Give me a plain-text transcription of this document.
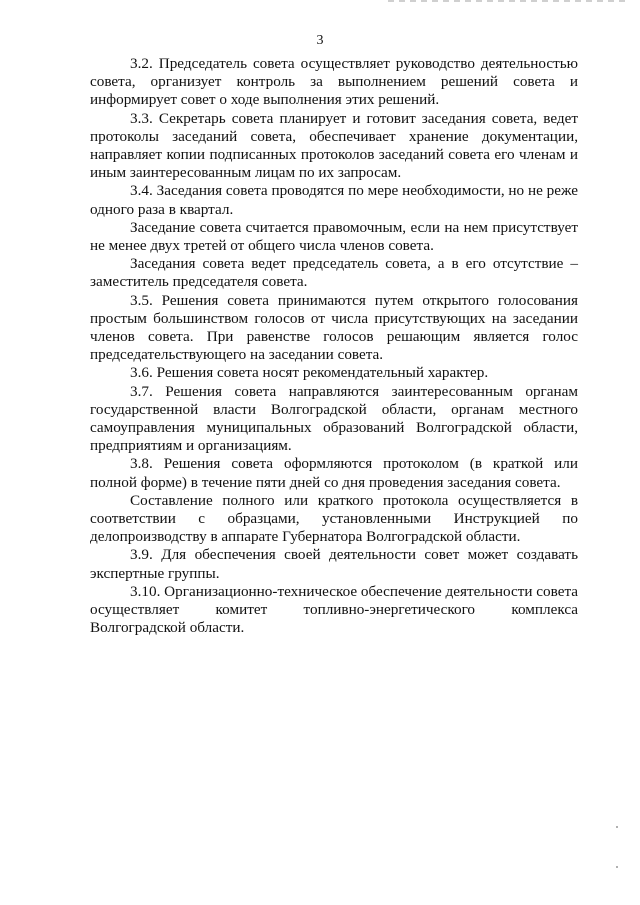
3

3.2. Председатель совета осуществляет руководство деятельностью совета, организует контроль за выполнением решений совета и информирует совет о ходе выполнения этих решений.

3.3. Секретарь совета планирует и готовит заседания совета, ведет протоколы заседаний совета, обеспечивает хранение документации, направляет копии подписанных протоколов заседаний совета его членам и иным заинтересованным лицам по их запросам.

3.4. Заседания совета проводятся по мере необходимости, но не реже одного раза в квартал.

Заседание совета считается правомочным, если на нем присутствует не менее двух третей от общего числа членов совета.

Заседания совета ведет председатель совета, а в его отсутствие – заместитель председателя совета.

3.5. Решения совета принимаются путем открытого голосования простым большинством голосов от числа присутствующих на заседании членов совета. При равенстве голосов решающим является голос председательствующего на заседании совета.

3.6. Решения совета носят рекомендательный характер.

3.7. Решения совета направляются заинтересованным органам государственной власти Волгоградской области, органам местного самоуправления муниципальных образований Волгоградской области, предприятиям и организациям.

3.8. Решения совета оформляются протоколом (в краткой или полной форме) в течение пяти дней со дня проведения заседания совета.

Составление полного или краткого протокола осуществляется в соответствии с образцами, установленными Инструкцией по делопроизводству в аппарате Губернатора Волгоградской области.

3.9. Для обеспечения своей деятельности совет может создавать экспертные группы.

3.10. Организационно-техническое обеспечение деятельности совета осуществляет комитет топливно-энергетического комплекса Волгоградской области.
